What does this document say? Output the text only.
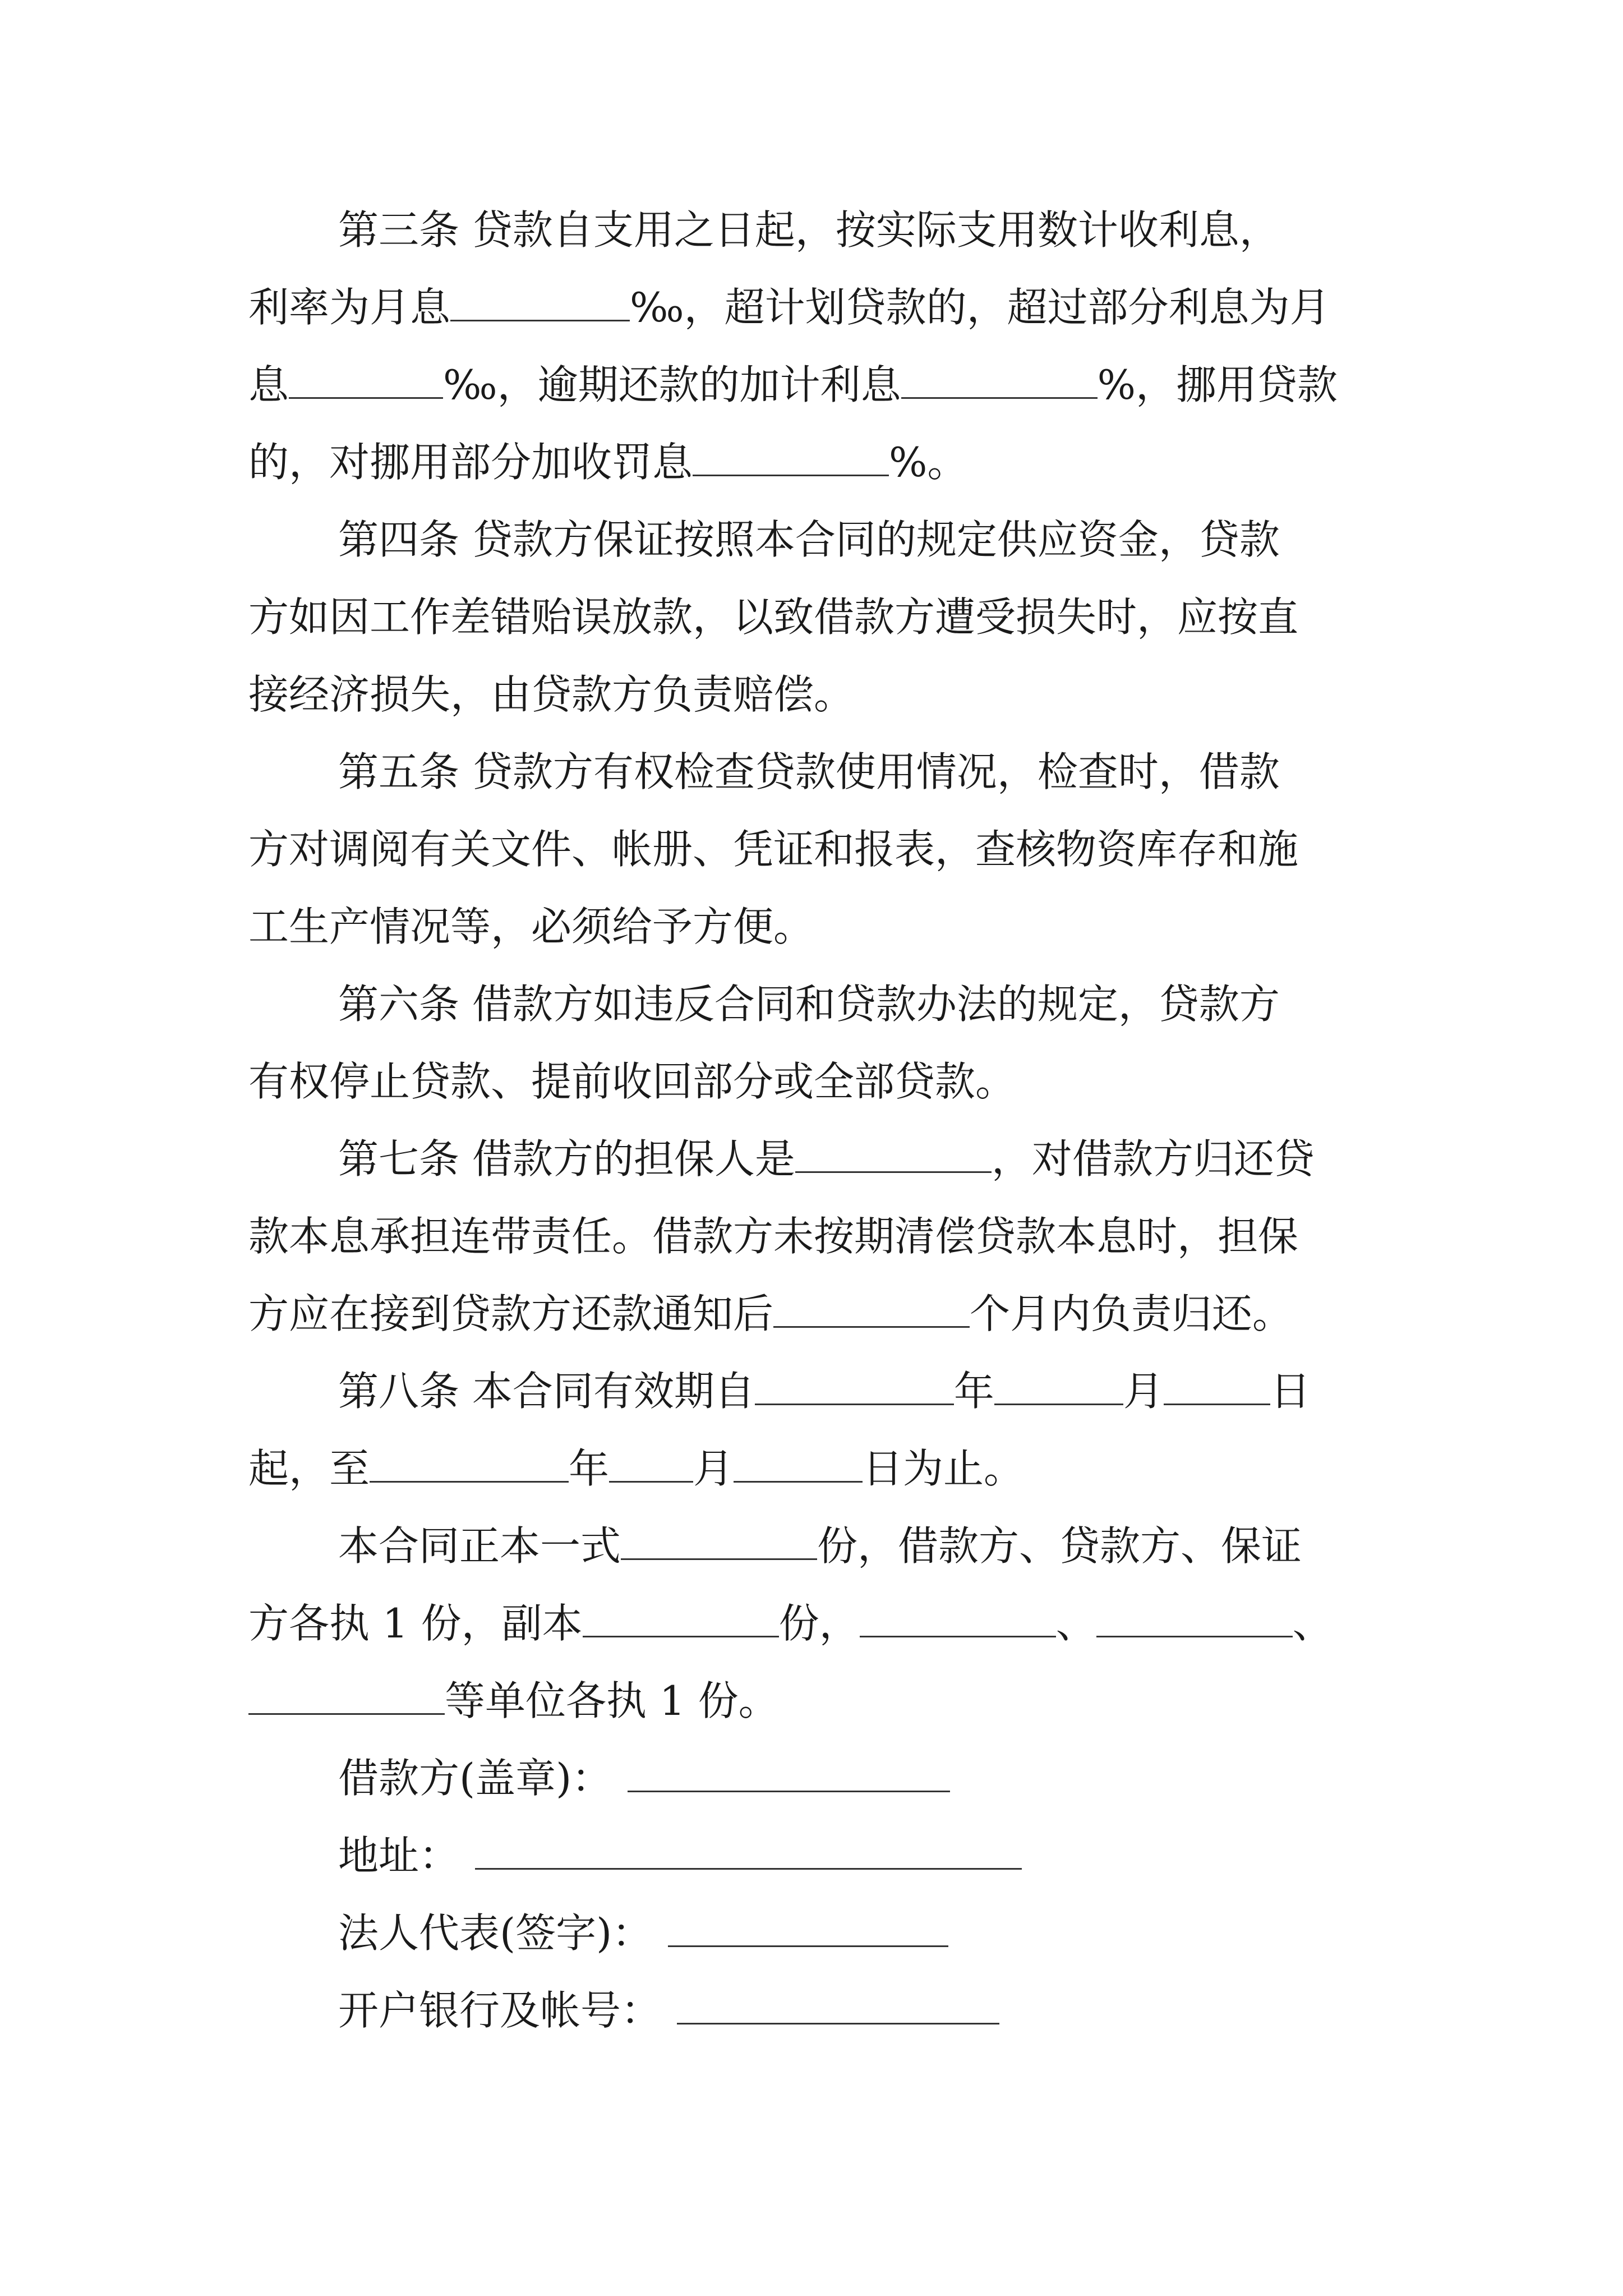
第三条 贷款自支用之日起，按实际支用数计收利息，
利率为月息	‰，超计划贷款的，超过部分利息为月
息	‰，逾期还款的加计利息	%，挪用贷款
的，对挪用部分加收罚息	%。
第四条 贷款方保证按照本合同的规定供应资金，贷款
方如因工作差错贻误放款，以致借款方遭受损失时，应按直
接经济损失，由贷款方负责赔偿。
第五条 贷款方有权检查贷款使用情况，检查时，借款
方对调阅有关文件、帐册、凭证和报表，查核物资库存和施
工生产情况等，必须给予方便。
第六条 借款方如违反合同和贷款办法的规定，贷款方
有权停止贷款、提前收回部分或全部贷款。
第七条 借款方的担保人是	，对借款方归还贷
款本息承担连带责任。借款方未按期清偿贷款本息时，担保
方应在接到贷款方还款通知后	个月内负责归还。
第八条 本合同有效期自	年	月	日
起，至	年 月	日为止。
本合同正本一式	份，借款方、贷款方、保证
方各执 1 份，副本	份，	、	、
等单位各执 1 份。
借款方(盖章)：
地址：
法人代表(签字)：
开户银行及帐号：
